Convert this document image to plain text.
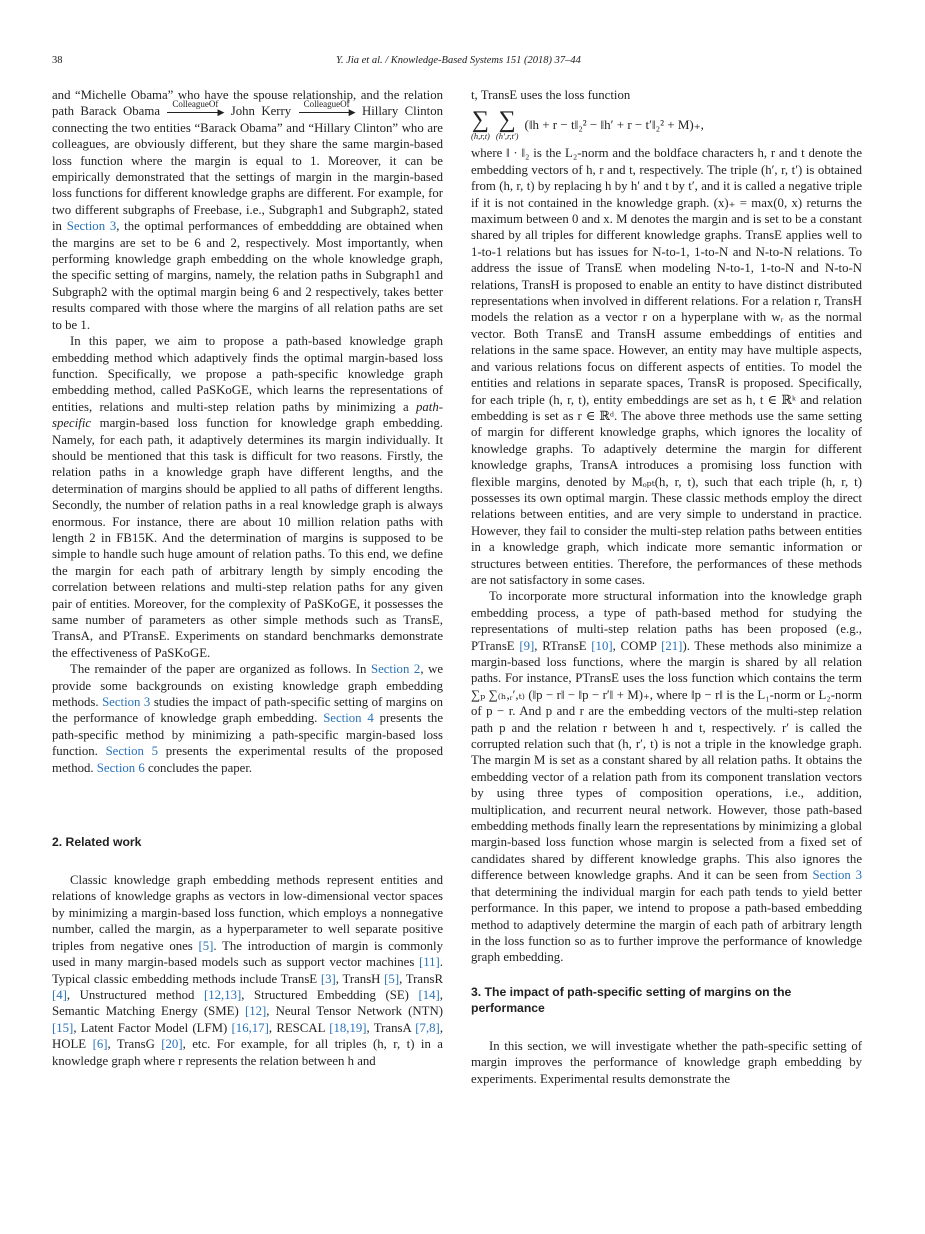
38	Y. Jia et al. / Knowledge-Based Systems 151 (2018) 37–44

and “Michelle Obama” who have the spouse relationship, and the relation path Barack Obama ColleagueOf
▶ John Kerry ColleagueOf
▶ Hillary Clinton connecting the two entities “Barack Obama” and “Hillary Clinton” who are colleagues, are obviously different, but they share the same margin-based loss function where the margin is equal to 1. Moreover, it can be empirically demonstrated that the settings of margin in the margin-based loss functions for different knowledge graphs are different. For example, for two different subgraphs of Freebase, i.e., Subgraph1 and Subgraph2, stated in Section 3, the optimal performances of embeddding are obtained when the margins are set to be 6 and 2, respectively. Most importantly, when performing knowledge graph embedding on the whole knowledge graph, the specific setting of margins, namely, the relation paths in Subgraph1 and Subgraph2 with the optimal margin being 6 and 2 respectively, takes better results compared with those where the margins of all relation paths are set to be 1.

In this paper, we aim to propose a path-based knowledge graph embedding method which adaptively finds the optimal margin-based loss function. Specifically, we propose a path-specific knowledge graph embedding method, called PaSKoGE, which learns the representations of entities, relations and multi-step relation paths by minimizing a path-specific margin-based loss function for knowledge graph embedding. Namely, for each path, it adaptively determines its margin individually. It should be mentioned that this task is difficult for two reasons. Firstly, the relation paths in a knowledge graph have different lengths, and the determination of margins should be applied to all paths of different lengths. Secondly, the number of relation paths in a real knowledge graph is always enormous. For instance, there are about 10 million relation paths with length 2 in FB15K. And the determination of margins is supposed to be simple to handle such huge amount of relation paths. To this end, we define the margin for each path of arbitrary length by simply encoding the correlation between relations and multi-step relation paths for any given pair of entities. Moreover, for the complexity of PaSKoGE, it possesses the same number of parameters as other simple methods such as TransE, TransA, and PTransE. Experiments on standard benchmarks demonstrate the effectiveness of PaSKoGE.

The remainder of the paper are organized as follows. In Section 2, we provide some backgrounds on existing knowledge graph embedding methods. Section 3 studies the impact of path-specific setting of margins on the performance of knowledge graph embedding. Section 4 presents the path-specific method by minimizing a path-specific margin-based loss function. Section 5 presents the experimental results of the proposed method. Section 6 concludes the paper.

2. Related work

Classic knowledge graph embedding methods represent entities and relations of knowledge graphs as vectors in low-dimensional vector spaces by minimizing a margin-based loss function, which employs a nonnegative number, called the margin, as a hyperparameter to well separate positive triples from negative ones [5]. The introduction of margin is commonly used in many margin-based models such as support vector machines [11]. Typical classic embedding methods include TransE [3], TransH [5], TransR [4], Unstructured method [12,13], Structured Embedding (SE) [14], Semantic Matching Energy (SME) [12], Neural Tensor Network (NTN) [15], Latent Factor Model (LFM) [16,17], RESCAL [18,19], TransA [7,8], HOLE [6], TransG [20], etc. For example, for all triples (h, r, t) in a knowledge graph where r represents the relation between h and

t, TransE uses the loss function

∑
(h,r,t)
∑
(h′,r,t′)
(‖h + r − t‖₂² − ‖h′ + r − t′‖₂² + M)₊,

where ‖ · ‖₂ is the L₂-norm and the boldface characters h, r and t denote the embedding vectors of h, r and t, respectively. The triple (h′, r, t′) is obtained from (h, r, t) by replacing h by h′ and t by t′, and it is called a negative triple if it is not contained in the knowledge graph. (x)₊ = max(0, x) returns the maximum between 0 and x. M denotes the margin and is set to be a constant shared by all triples for different knowledge graphs. TransE applies well to 1-to-1 relations but has issues for N-to-1, 1-to-N and N-to-N relations. To address the issue of TransE when modeling N-to-1, 1-to-N and N-to-N relations, TransH is proposed to enable an entity to have distinct distributed representations when involved in different relations. For a relation r, TransH models the relation as a vector r on a hyperplane with wᵣ as the normal vector. Both TransE and TransH assume embeddings of entities and relations in the same space. However, an entity may have multiple aspects, and various relations focus on different aspects of entities. To model the entities and relations in separate spaces, TransR is proposed. Specifically, for each triple (h, r, t), entity embeddings are set as h, t ∈ ℝᵏ and relation embedding is set as r ∈ ℝᵈ. The above three methods use the same setting of margin for different knowledge graphs, which ignores the locality of knowledge graphs. To adaptively determine the margin for different knowledge graphs, TransA introduces a promising loss function with flexible margins, denoted by Mₒₚₜ(h, r, t), such that each triple (h, r, t) possesses its own optimal margin. These classic methods employ the direct relations between entities, and are very simple to understand in practice. However, they fail to consider the multi-step relation paths between entities in a knowledge graph, which indicate more semantic information or structures between entities. Therefore, the performances of these methods are not satisfactory in some cases.

To incorporate more structural information into the knowledge graph embedding process, a type of path-based method for studying the representations of multi-step relation paths has been proposed (e.g., PTransE [9], RTransE [10], COMP [21]). These methods also minimize a margin-based loss functions, where the margin is shared by all relation paths. For instance, PTransE uses the loss function which contains the term ∑ₚ ∑₍ₕ,ᵣ′,ₜ₎ (‖p − r‖ − ‖p − r′‖ + M)₊, where ‖p − r‖ is the L₁-norm or L₂-norm of p − r. And p and r are the embedding vectors of the multi-step relation path p and the relation r between h and t, respectively. r′ is called the corrupted relation such that (h, r′, t) is not a triple in the knowledge graph. The margin M is set as a constant shared by all relation paths. It obtains the embedding vector of a relation path from its component translation vectors by using three types of composition operations, i.e., addition, multiplication, and recurrent neural network. However, those path-based embedding methods finally learn the representations by minimizing a global margin-based loss function whose margin is selected from a fixed set of candidates shared by different knowledge graphs. This also ignores the difference between knowledge graphs. And it can be seen from Section 3 that determining the individual margin for each path tends to yield better performance. In this paper, we intend to propose a path-based embedding method to adaptively determine the margin of each path of arbitrary length in the loss function so as to further improve the performance of knowledge graph embedding.

3. The impact of path-specific setting of margins on the performance

In this section, we will investigate whether the path-specific setting of margin improves the performance of knowledge graph embedding by experiments. Experimental results demonstrate the
